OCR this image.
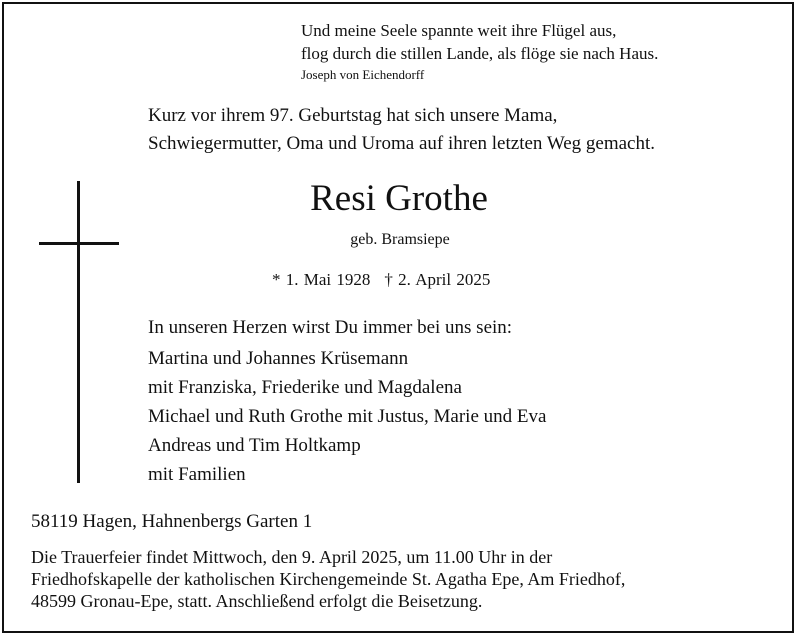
Und meine Seele spannte weit ihre Flügel aus,
flog durch die stillen Lande, als flöge sie nach Haus.
Joseph von Eichendorff
Kurz vor ihrem 97. Geburtstag hat sich unsere Mama,
Schwiegermutter, Oma und Uroma auf ihren letzten Weg gemacht.
Resi Grothe
geb. Bramsiepe
* 1. Mai 1928 † 2. April 2025
In unseren Herzen wirst Du immer bei uns sein:
Martina und Johannes Krüsemann
mit Franziska, Friederike und Magdalena
Michael und Ruth Grothe mit Justus, Marie und Eva
Andreas und Tim Holtkamp
mit Familien
58119 Hagen, Hahnenbergs Garten 1
Die Trauerfeier findet Mittwoch, den 9. April 2025, um 11.00 Uhr in der
Friedhofskapelle der katholischen Kirchengemeinde St. Agatha Epe, Am Friedhof,
48599 Gronau-Epe, statt. Anschließend erfolgt die Beisetzung.
